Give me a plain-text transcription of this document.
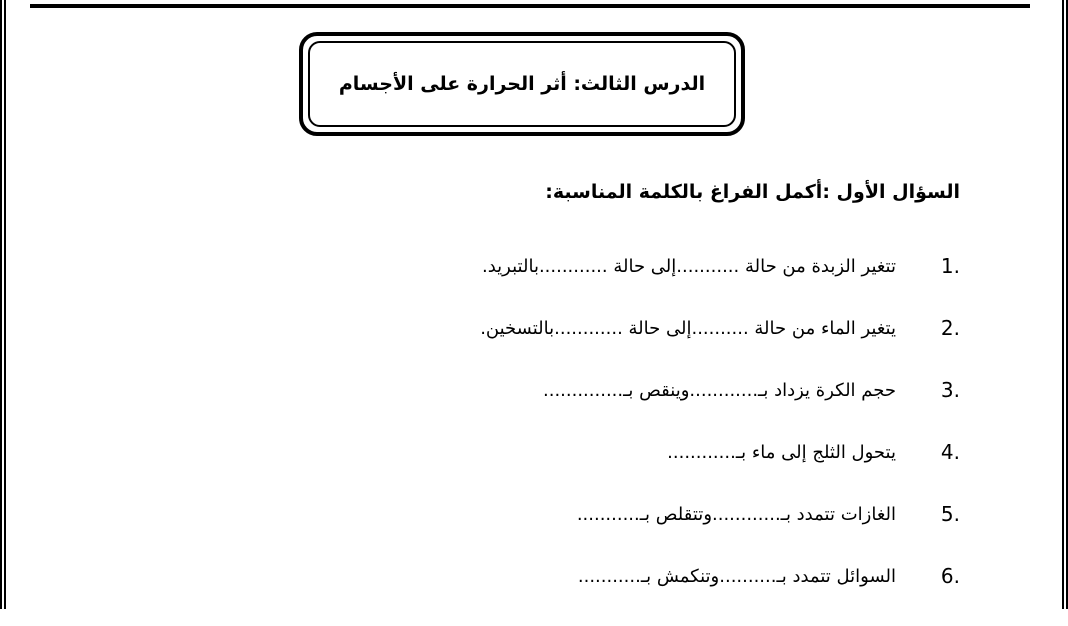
الدرس الثالث: أثر الحرارة على الأجسام
السؤال الأول :أكمل الفراغ بالكلمة المناسبة:
1.
تتغير الزبدة من حالة ...........إلى حالة ............بالتبريد.
2.
يتغير الماء من حالة ..........إلى حالة ............بالتسخين.
3.
حجم الكرة يزداد بـ............وينقص بـ..............
4.
يتحول الثلج إلى ماء بـ............
5.
الغازات تتمدد بـ............وتتقلص بـ...........
6.
السوائل تتمدد بـ..........وتنكمش بـ...........
